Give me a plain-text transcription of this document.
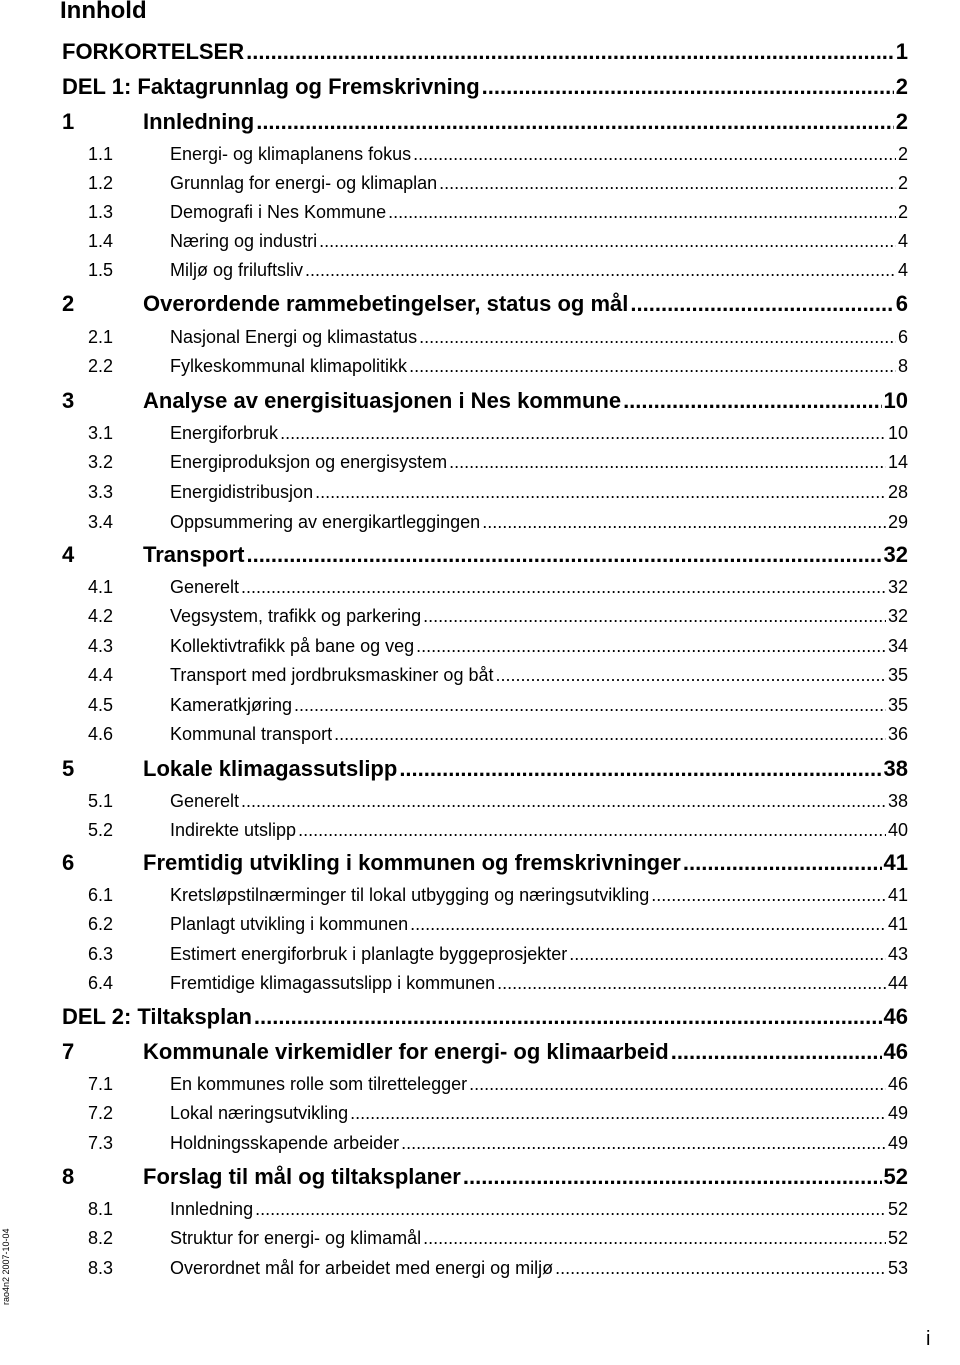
Innhold
FORKORTELSER .....	1
DEL 1: Faktagrunnlag og Fremskrivning .....	2
1	Innledning .....	2
1.1	Energi- og klimaplanens fokus .....	2
1.2	Grunnlag for energi- og klimaplan .....	2
1.3	Demografi i Nes Kommune .....	2
1.4	Næring og industri .....	4
1.5	Miljø og friluftsliv .....	4
2	Overordende rammebetingelser, status og mål .....	6
2.1	Nasjonal Energi og klimastatus .....	6
2.2	Fylkeskommunal klimapolitikk .....	8
3	Analyse av energisituasjonen i Nes kommune .....	10
3.1	Energiforbruk .....	10
3.2	Energiproduksjon og energisystem .....	14
3.3	Energidistribusjon .....	28
3.4	Oppsummering av energikartleggingen .....	29
4	Transport .....	32
4.1	Generelt .....	32
4.2	Vegsystem, trafikk og parkering .....	32
4.3	Kollektivtrafikk på bane og veg .....	34
4.4	Transport med jordbruksmaskiner og båt .....	35
4.5	Kameratkjøring .....	35
4.6	Kommunal transport .....	36
5	Lokale klimagassutslipp .....	38
5.1	Generelt .....	38
5.2	Indirekte utslipp .....	40
6	Fremtidig utvikling i kommunen og fremskrivninger .....	41
6.1	Kretsløpstilnærminger til lokal utbygging og næringsutvikling .....	41
6.2	Planlagt utvikling i kommunen .....	41
6.3	Estimert energiforbruk i planlagte byggeprosjekter .....	43
6.4	Fremtidige klimagassutslipp i kommunen .....	44
DEL 2: Tiltaksplan .....	46
7	Kommunale virkemidler for energi- og klimaarbeid .....	46
7.1	En kommunes rolle som tilrettelegger .....	46
7.2	Lokal næringsutvikling .....	49
7.3	Holdningsskapende arbeider .....	49
8	Forslag til mål og tiltaksplaner .....	52
8.1	Innledning .....	52
8.2	Struktur for energi- og klimamål .....	52
8.3	Overordnet mål for arbeidet med energi og miljø .....	53
rao4n2 2007-10-04
i
